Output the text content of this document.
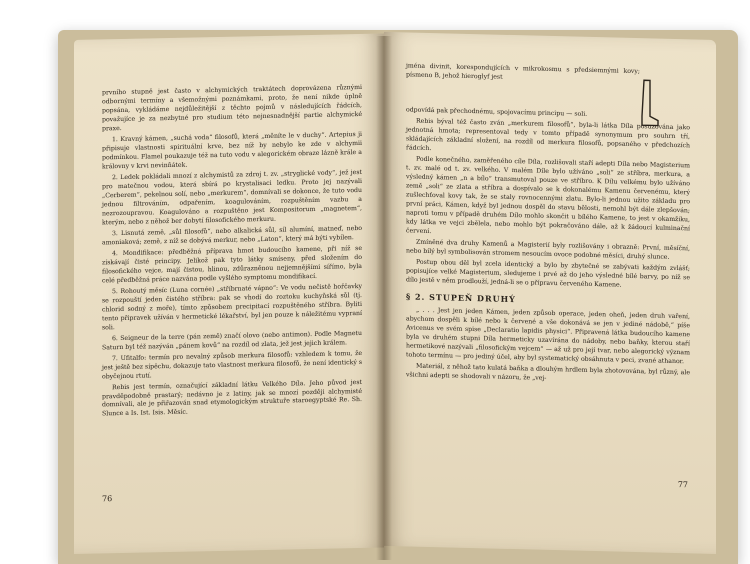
prvního stupně jest často v alchymických traktátech doprovázena různými odbornými termíny a všemožnými poznámkami, proto, že není nikde úplně popsána, vykládáme nejdůležitější z těchto pojmů v následujících řádcích, považujíce je za nezbytné pro studium této nejnesnadnější partie alchymické praxe.

1. Kravný kámen, „suchá voda“ filosofů, která „měníte le v duchy“. Artepius ji připisuje vlastnosti spirituální krve, bez níž by nebylo ke zde v alchymii podmínkou. Flamel poukazuje též na tuto vodu v alegorickém obraze lázně krále a královny v krvi nevinňátek.

2. Ledek pokládali mnozí z alchymistů za zdroj t. zv. „stryglické vody“, jež jest pro matečnou vodou, která sbírá po krystalisaci ledku. Proto jej nazývali „Cerberem“, pekelnou solí, nebo „merkurem“, domnívali se dokonce, že tuto vodu jednou filtrováním, odpařením, koagulováním, rozpuštěním vazbu a nezrozoupravou. Koagulováno a rozpuštěno jest Kompositorum „magnetem“, kterým, nebo z něhož ber dobytí filosofického merkuru.

3. Lisnutá země, „sůl filosofů“, nebo alkalická sůl, síl alumíní, matneď, nebo amoniaková; země, z níž se dobývá merkur, nebo „Laton“, který má býti vybílen.

4. Mondifikace: předběžná příprava hmot budoucího kamene, při níž se získávají čisté principy. Jelikož pak tyto látky smíseny, před složením do filosofického vejce, mají čistou, hlinou, zdůrazněnou nejjemnějšími sířímo, byla celé předběžná práce nazvána podle vyšlého symptomu mondifikací.

5. Rohoutý měsíc (Luna cornée) „stříbrnaté vápno“: Ve vodu nečistě hořčavky se rozpouští jeden čistého stříbra: pak se vhodí do roztoku kuchyňská sůl (tj. chlorid sodný z moře), tímto způsobem precipitací rozpuštěného stříbra. Byliti tento připravek užíván v hermetické lékařství, byl jen pouze k náležitému vypraní soli.

6. Seigneur de la terre (pán země) značí olovo (nebo antimon). Podle Magnetu Saturn byl též nazýván „pánem kovů“ na rozdíl od zlata, jež jest jejich králem.

7. Ufitalfo: termín pro nevalný způsob merkura filosofů: vzhledem k tomu, že jest ještě bez sípěchu, dokazuje tato vlastnost merkura filosofů, že není identický s obyčejnou rtutí.

Rebis jest termín, označující základní látku Velkého Díla. Jeho původ jest pravděpodobně prastarý; nedávno je z latiny, jak se mnozí později alchymisté domnívali, ale je přiřazován snad etymologickým struktuře staroegyptské Re. Sh. Slunce a Is. Ist. Isis. Měsíc.

76

jména divinit, korespondujících v mikrokosmu s předsiemnými kovy; písmeno B, jehož hieroglyf jest

odpovídá pak přechodnému, spojovacímu principu — soli.

Rebis býval též často zván „merkurem filosofů“, byla-li látka Díla posuzována jako jednotná hmota; representoval tedy v tomto případě synonymum pro souhrn tří, skládajících základní složení, na rozdíl od merkura filosofů, popsaného v předchozích řádcích.

Podle konečného, zaměřeného cíle Díla, rozlišovali staří adepti Díla nebo Magisterium t. zv. malé od t. zv. velkého. V malém Díle bylo užíváno „soli“ ze stříbra, merkura, a výsledný kámen „n a bílo“ transmutoval pouze ve stříbro. K Dílu velkému bylo užíváno země „soli“ ze zlata a stříbra a dospívalo se k dokonalému Kamenu červenému, který zušlechťoval kovy tak, že se staly rovnocennými zlatu. Bylo-li jednou užito základu pro první práci, Kámen, když byl jednou dospěl do stavu bělosti, nemohl být dále zlepšován; naproti tomu v případě druhém Dílo mohlo skončit u bílého Kamene, to jest v okamžiku, kdy látka ve vejci zbělela, nebo mohlo být pokračováno dále, až k žádoucí kulminační červení.

Zmíněné dva druhy Kamenů a Magisterií byly rozlišovány i obrazně: První, měsíční, nebo bílý byl symbolisován stromem nesoucím ovoce podobné měsíci, druhý slunce.

Postup obou děl byl zcela identický a bylo by zbytečné se zabývati každým zvlášť; popisujíce velké Magisterium, sledujeme i prvé až do jeho výsledné bílé barvy, po níž se dílo jestě v něm prodlouží, jedná-li se o přípravu červeného Kamene.

§ 2. STUPEŇ DRUHÝ

„ . . . Jest jen jeden Kámen, jeden způsob operace, jeden oheň, jeden druh vaření, abychom dospěli k bílé nebo k červené a vše dokonává se jen v jediné nádobě,“ píše Avicenus ve svém spise „Declaratio lapidis physici“. Připravená látka budoucího kamene byla ve druhém stupni Díla hermeticky uzavírána do nádoby, nebo baňky, kterou staří hermetikové nazývali „filosofickým vejcem“ — až už pro její tvar, nebo alegorický význam tohoto termínu — pro jediný účel, aby byl systematický obsáhnuta v peci, zvané athanor.

Materiál, z něhož tato kulatá baňka a dlouhým hrdlem byla zhotovována, byl různý, ale všichni adepti se shodovali v názoru, že „vej-

77
